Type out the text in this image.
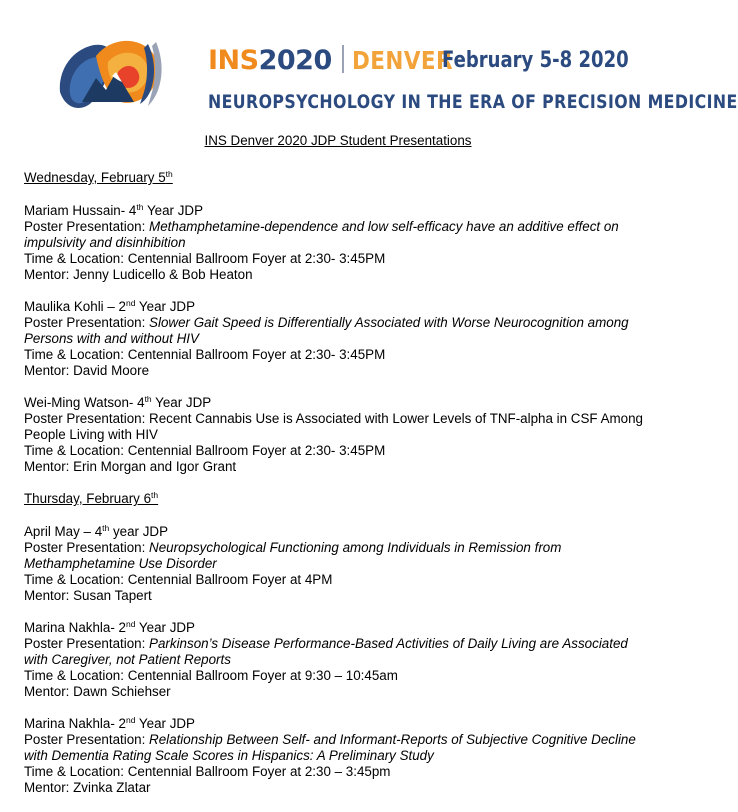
INS2020 DENVER
February 5-8 2020
NEUROPSYCHOLOGY IN THE ERA OF PRECISION MEDICINE
INS Denver 2020 JDP Student Presentations
Wednesday, February 5th
Mariam Hussain- 4th Year JDP
Poster Presentation: Methamphetamine-dependence and low self-efficacy have an additive effect on impulsivity and disinhibition
Time & Location: Centennial Ballroom Foyer at 2:30- 3:45PM
Mentor: Jenny Ludicello & Bob Heaton
Maulika Kohli – 2nd Year JDP
Poster Presentation: Slower Gait Speed is Differentially Associated with Worse Neurocognition among Persons with and without HIV
Time & Location: Centennial Ballroom Foyer at 2:30- 3:45PM
Mentor: David Moore
Wei-Ming Watson- 4th Year JDP
Poster Presentation: Recent Cannabis Use is Associated with Lower Levels of TNF-alpha in CSF Among People Living with HIV
Time & Location: Centennial Ballroom Foyer at 2:30- 3:45PM
Mentor: Erin Morgan and Igor Grant
Thursday, February 6th
April May – 4th year JDP
Poster Presentation: Neuropsychological Functioning among Individuals in Remission from Methamphetamine Use Disorder
Time & Location: Centennial Ballroom Foyer at 4PM
Mentor: Susan Tapert
Marina Nakhla- 2nd Year JDP
Poster Presentation: Parkinson’s Disease Performance-Based Activities of Daily Living are Associated with Caregiver, not Patient Reports
Time & Location: Centennial Ballroom Foyer at 9:30 – 10:45am
Mentor: Dawn Schiehser
Marina Nakhla- 2nd Year JDP
Poster Presentation: Relationship Between Self- and Informant-Reports of Subjective Cognitive Decline with Dementia Rating Scale Scores in Hispanics: A Preliminary Study
Time & Location: Centennial Ballroom Foyer at 2:30 – 3:45pm
Mentor: Zvinka Zlatar
